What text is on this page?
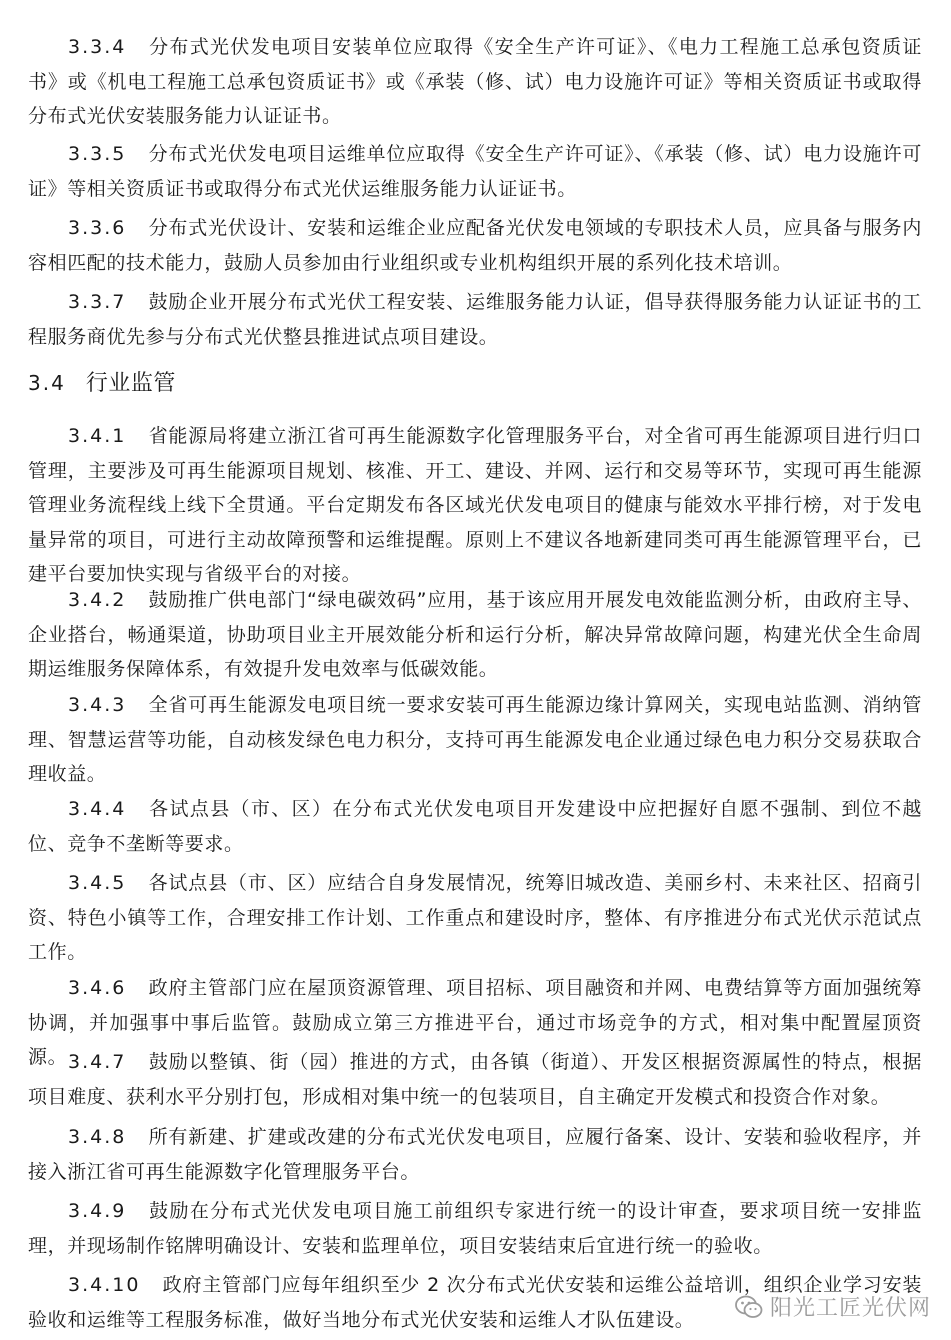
3.3.4 分布式光伏发电项目安装单位应取得《安全生产许可证》、《电力工程施工总承包资质证书》或《机电工程施工总承包资质证书》或《承装（修、试）电力设施许可证》等相关资质证书或取得分布式光伏安装服务能力认证证书。

3.3.5 分布式光伏发电项目运维单位应取得《安全生产许可证》、《承装（修、试）电力设施许可证》等相关资质证书或取得分布式光伏运维服务能力认证证书。

3.3.6 分布式光伏设计、安装和运维企业应配备光伏发电领域的专职技术人员，应具备与服务内容相匹配的技术能力，鼓励人员参加由行业组织或专业机构组织开展的系列化技术培训。

3.3.7 鼓励企业开展分布式光伏工程安装、运维服务能力认证，倡导获得服务能力认证证书的工程服务商优先参与分布式光伏整县推进试点项目建设。

3.4 行业监管

3.4.1 省能源局将建立浙江省可再生能源数字化管理服务平台，对全省可再生能源项目进行归口管理，主要涉及可再生能源项目规划、核准、开工、建设、并网、运行和交易等环节，实现可再生能源管理业务流程线上线下全贯通。平台定期发布各区域光伏发电项目的健康与能效水平排行榜，对于发电量异常的项目，可进行主动故障预警和运维提醒。原则上不建议各地新建同类可再生能源管理平台，已建平台要加快实现与省级平台的对接。

3.4.2 鼓励推广供电部门“绿电碳效码”应用，基于该应用开展发电效能监测分析，由政府主导、企业搭台，畅通渠道，协助项目业主开展效能分析和运行分析，解决异常故障问题，构建光伏全生命周期运维服务保障体系，有效提升发电效率与低碳效能。

3.4.3 全省可再生能源发电项目统一要求安装可再生能源边缘计算网关，实现电站监测、消纳管理、智慧运营等功能，自动核发绿色电力积分，支持可再生能源发电企业通过绿色电力积分交易获取合理收益。

3.4.4 各试点县（市、区）在分布式光伏发电项目开发建设中应把握好自愿不强制、到位不越位、竞争不垄断等要求。

3.4.5 各试点县（市、区）应结合自身发展情况，统筹旧城改造、美丽乡村、未来社区、招商引资、特色小镇等工作，合理安排工作计划、工作重点和建设时序，整体、有序推进分布式光伏示范试点工作。

3.4.6 政府主管部门应在屋顶资源管理、项目招标、项目融资和并网、电费结算等方面加强统筹协调，并加强事中事后监管。鼓励成立第三方推进平台，通过市场竞争的方式，相对集中配置屋顶资源。 3.4.7 鼓励以整镇、街（园）推进的方式，由各镇（街道）、开发区根据资源属性的特点，根据项目难度、获利水平分别打包，形成相对集中统一的包装项目，自主确定开发模式和投资合作对象。

3.4.8 所有新建、扩建或改建的分布式光伏发电项目，应履行备案、设计、安装和验收程序，并接入浙江省可再生能源数字化管理服务平台。

3.4.9 鼓励在分布式光伏发电项目施工前组织专家进行统一的设计审查，要求项目统一安排监理，并现场制作铭牌明确设计、安装和监理单位，项目安装结束后宜进行统一的验收。

3.4.10 政府主管部门应每年组织至少 2 次分布式光伏安装和运维公益培训，组织企业学习安装验收和运维等工程服务标准，做好当地分布式光伏安装和运维人才队伍建设。	阳光工匠光伏网
